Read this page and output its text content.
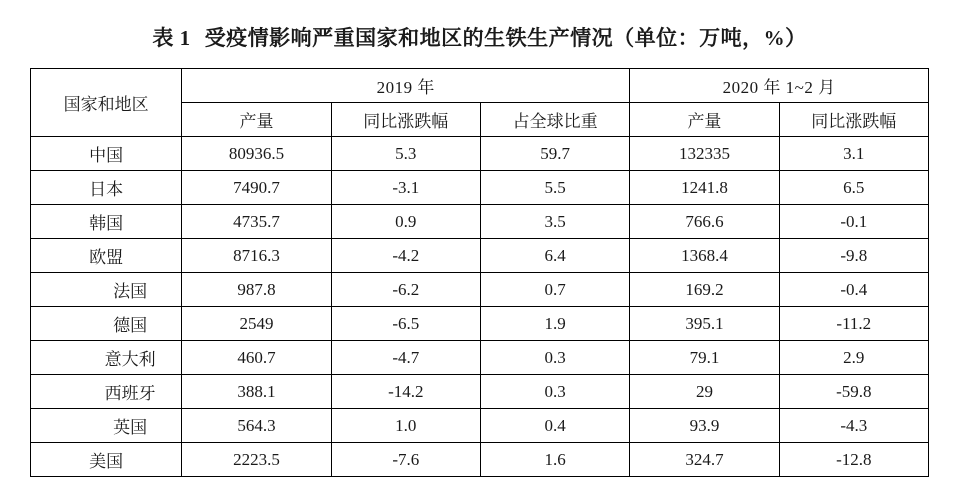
表 1 受疫情影响严重国家和地区的生铁生产情况（单位：万吨，%）
国家和地区	2019 年			2020 年 1~2 月	
	产量	同比涨跌幅	占全球比重	产量	同比涨跌幅
中国	80936.5	5.3	59.7	132335	3.1
日本	7490.7	-3.1	5.5	1241.8	6.5
韩国	4735.7	0.9	3.5	766.6	-0.1
欧盟	8716.3	-4.2	6.4	1368.4	-9.8
法国	987.8	-6.2	0.7	169.2	-0.4
德国	2549	-6.5	1.9	395.1	-11.2
意大利	460.7	-4.7	0.3	79.1	2.9
西班牙	388.1	-14.2	0.3	29	-59.8
英国	564.3	1.0	0.4	93.9	-4.3
美国	2223.5	-7.6	1.6	324.7	-12.8
